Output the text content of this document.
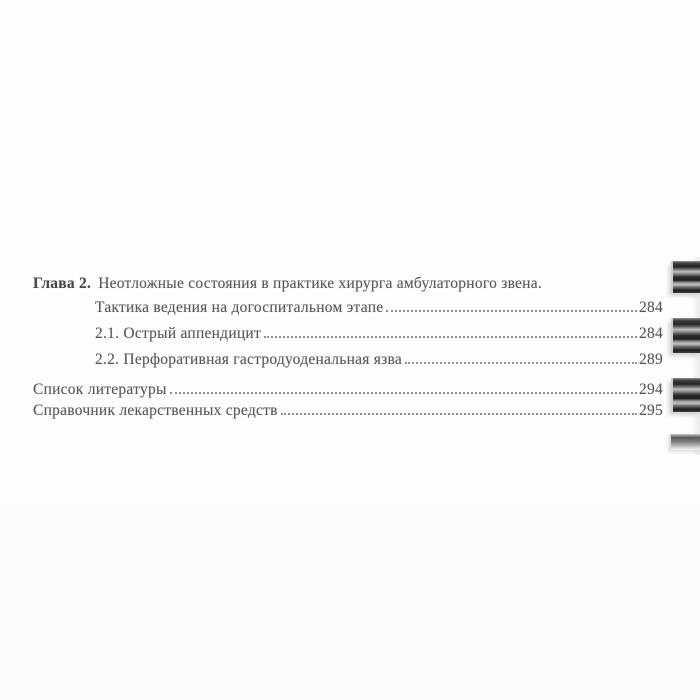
Глава 2. Неотложные состояния в практике хирурга амбулаторного звена.
Тактика ведения на догоспитальном этапе	284
2.1. Острый аппендицит	284
2.2. Перфоративная гастродуоденальная язва	289
Список литературы	294
Справочник лекарственных средств	295
